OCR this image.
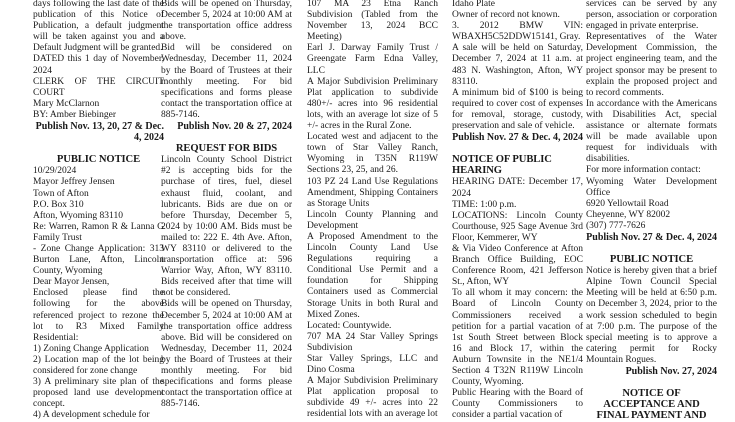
days following the last date of the publication of this Notice of Publication, a default judgment will be taken against you and a Default Judgment will be granted.
DATED this 1 day of November, 2024
CLERK OF THE CIRCUIT COURT
Mary McClarnon
BY: Amber Biebinger
Publish Nov. 13, 20, 27 & Dec. 4, 2024
PUBLIC NOTICE
10/29/2024
Mayor Jeffrey Jensen
Town of Afton
P.O. Box 310
Afton, Wyoming 83110
Re: Warren, Ramon R & Lanna G Family Trust
- Zone Change Application: 313 Burton Lane, Afton, Lincoln County, Wyoming
Dear Mayor Jensen,
Enclosed please find the following for the above referenced project to rezone the lot to R3 Mixed Family Residential:
1) Zoning Change Application
2) Location map of the lot being considered for zone change
3) A preliminary site plan of the proposed land use development concept.
4) A development schedule for
Bids will be opened on Thursday, December 5, 2024 at 10:00 AM at the transportation office address above.
Bid will be considered on Wednesday, December 11, 2024 by the Board of Trustees at their monthly meeting. For bid specifications and forms please contact the transportation office at 885-7146.
Publish Nov. 20 & 27, 2024
REQUEST FOR BIDS
Lincoln County School District #2 is accepting bids for the purchase of tires, fuel, diesel exhaust fluid, coolant, and lubricants. Bids are due on or before Thursday, December 5, 2024 by 10:00 AM. Bids must be mailed to: 222 E. 4th Ave. Afton, WY 83110 or delivered to the transportation office at: 596 Warrior Way, Afton, WY 83110. Bids received after that time will not be considered.
Bids will be opened on Thursday, December 5, 2024 at 10:00 AM at the transportation office address above. Bid will be considered on Wednesday, December 11, 2024 by the Board of Trustees at their monthly meeting. For bid specifications and forms please contact the transportation office at 885-7146.
107 MA 23 Etna Ranch Subdivision (Tabled from the November 13, 2024 BCC Meeting)
Earl J. Darway Family Trust / Greengate Farm Edna Valley, LLC
A Major Subdivision Preliminary Plat application to subdivide 480+/- acres into 96 residential lots, with an average lot size of 5 +/- acres in the Rural Zone.
Located west and adjacent to the town of Star Valley Ranch, Wyoming in T35N R119W Sections 23, 25, and 26.
103 PZ 24 Land Use Regulations Amendment, Shipping Containers as Storage Units
Lincoln County Planning and Development
A Proposed Amendment to the Lincoln County Land Use Regulations requiring a Conditional Use Permit and a foundation for Shipping Containers used as Commercial Storage Units in both Rural and Mixed Zones.
Located: Countywide.
707 MA 24 Star Valley Springs Subdivision
Star Valley Springs, LLC and Dino Cosma
A Major Subdivision Preliminary Plat application proposal to subdivide 49 +/- acres into 22 residential lots with an average lot
Idaho Plate
Owner of record not known.
3. 2012 BMW VIN: WBAXH5C52DDW15141, Gray.
A sale will be held on Saturday, December 7, 2024 at 11 a.m. at 483 N. Washington, Afton, WY 83110.
A minimum bid of $100 is being required to cover cost of expenses for removal, storage, custody, preservation and sale of vehicle.
Publish Nov. 27 & Dec. 4, 2024
NOTICE OF PUBLIC HEARING
HEARING DATE: December 17, 2024
TIME: 1:00 p.m.
LOCATIONS: Lincoln County Courthouse, 925 Sage Avenue 3rd Floor, Kemmerer, WY
& Via Video Conference at Afton Branch Office Building, EOC Conference Room, 421 Jefferson St., Afton, WY
To all whom it may concern: the Board of Lincoln County Commissioners received a petition for a partial vacation of 1st South Street between Block 16 and Block 17, within the Auburn Townsite in the NE1/4 Section 4 T32N R119W Lincoln County, Wyoming.
Public Hearing with the Board of County Commissioners to consider a partial vacation of
services can be served by any person, association or corporation engaged in private enterprise.
Representatives of the Water Development Commission, the project engineering team, and the project sponsor may be present to explain the proposed project and to record comments.
In accordance with the Americans with Disabilities Act, special assistance or alternate formats will be made available upon request for individuals with disabilities.
For more information contact:
Wyoming Water Development Office
6920 Yellowtail Road
Cheyenne, WY 82002
(307) 777-7626
Publish Nov. 27 & Dec. 4, 2024
PUBLIC NOTICE
Notice is hereby given that a brief Alpine Town Council Special Meeting will be held at 6:50 p.m. on December 3, 2024, prior to the work session scheduled to begin at 7:00 p.m. The purpose of the special meeting is to approve a catering permit for Rocky Mountain Rogues.
Publish Nov. 27, 2024
NOTICE OF ACCEPTANCE AND FINAL PAYMENT AND
